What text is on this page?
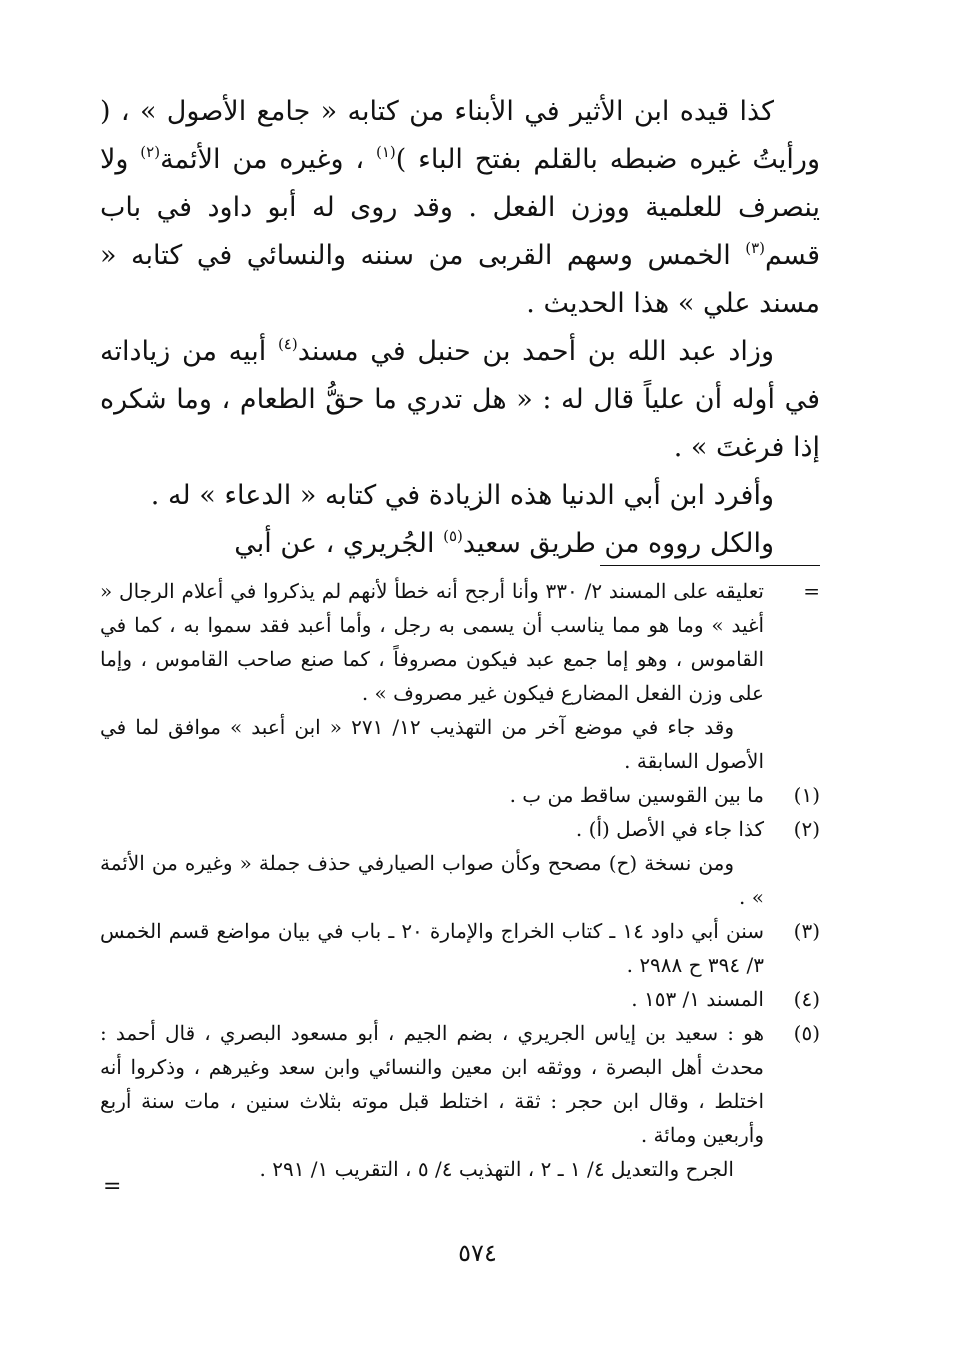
كذا قيده ابن الأثير في الأبناء من كتابه « جامع الأصول » ، ( ورأيتُ غيره ضبطه بالقلم بفتح الباء )$^{(١)}$ ، وغيره من الأئمة$^{(٢)}$ ولا ينصرف للعلمية ووزن الفعل . وقد روى له أبو داود في باب قسم$^{(٣)}$ الخمس وسهم القربى من سننه والنسائي في كتابه « مسند علي » هذا الحديث .

وزاد عبد الله بن أحمد بن حنبل في مسند$^{(٤)}$ أبيه من زياداته في أوله أن علياً قال له : « هل تدري ما حقُّ الطعام ، وما شكره إذا فرغتَ » .

وأفرد ابن أبي الدنيا هذه الزيادة في كتابه « الدعاء » له .

والكل رووه من طريق سعيد$^{(٥)}$ الجُريري ، عن أبي

=

تعليقه على المسند ٢/ ٣٣٠ وأنا أرجح أنه خطأ لأنهم لم يذكروا في أعلام الرجال « أغيد » وما هو مما يناسب أن يسمى به رجل ، وأما أعبد فقد سموا به ، كما في القاموس ، وهو إما جمع عبد فيكون مصروفاً ، كما صنع صاحب القاموس ، وإما على وزن الفعل المضارع فيكون غير مصروف » .

وقد جاء في موضع آخر من التهذيب ١٢/ ٢٧١ « ابن أعبد » موافق لما في الأصول السابقة .

(١)

ما بين القوسين ساقط من ب .

(٢)

كذا جاء في الأصل (أ) .

ومن نسخة (ح) مصحح وكأن صواب الصيارفي حذف جملة « وغيره من الأئمة » .

(٣)

سنن أبي داود ١٤ ـ كتاب الخراج والإمارة ٢٠ ـ باب في بيان مواضع قسم الخمس ٣/ ٣٩٤ ح ٢٩٨٨ .

(٤)

المسند ١/ ١٥٣ .

(٥)

هو : سعيد بن إياس الجريري ، بضم الجيم ، أبو مسعود البصري ، قال أحمد : محدث أهل البصرة ، ووثقه ابن معين والنسائي وابن سعد وغيرهم ، وذكروا أنه اختلط ، وقال ابن حجر : ثقة ، اختلط قبل موته بثلاث سنين ، مات سنة أربع وأربعين ومائة .

الجرح والتعديل ٤/ ١ ـ ٢ ، التهذيب ٤/ ٥ ، التقريب ١/ ٢٩١ .

=
٥٧٤
